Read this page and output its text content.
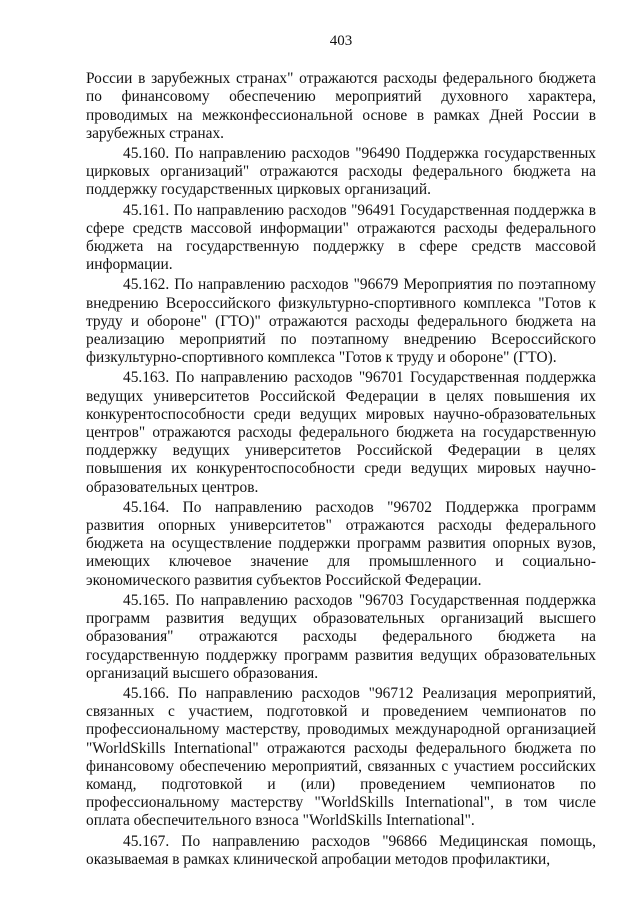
403

России в зарубежных странах" отражаются расходы федерального бюджета по финансовому обеспечению мероприятий духовного характера, проводимых на межконфессиональной основе в рамках Дней России в зарубежных странах.

45.160. По направлению расходов "96490 Поддержка государственных цирковых организаций" отражаются расходы федерального бюджета на поддержку государственных цирковых организаций.

45.161. По направлению расходов "96491 Государственная поддержка в сфере средств массовой информации" отражаются расходы федерального бюджета на государственную поддержку в сфере средств массовой информации.

45.162. По направлению расходов "96679 Мероприятия по поэтапному внедрению Всероссийского физкультурно-спортивного комплекса "Готов к труду и обороне" (ГТО)" отражаются расходы федерального бюджета на реализацию мероприятий по поэтапному внедрению Всероссийского физкультурно-спортивного комплекса "Готов к труду и обороне" (ГТО).

45.163. По направлению расходов "96701 Государственная поддержка ведущих университетов Российской Федерации в целях повышения их конкурентоспособности среди ведущих мировых научно-образовательных центров" отражаются расходы федерального бюджета на государственную поддержку ведущих университетов Российской Федерации в целях повышения их конкурентоспособности среди ведущих мировых научно-образовательных центров.

45.164. По направлению расходов "96702 Поддержка программ развития опорных университетов" отражаются расходы федерального бюджета на осуществление поддержки программ развития опорных вузов, имеющих ключевое значение для промышленного и социально-экономического развития субъектов Российской Федерации.

45.165. По направлению расходов "96703 Государственная поддержка программ развития ведущих образовательных организаций высшего образования" отражаются расходы федерального бюджета на государственную поддержку программ развития ведущих образовательных организаций высшего образования.

45.166. По направлению расходов "96712 Реализация мероприятий, связанных с участием, подготовкой и проведением чемпионатов по профессиональному мастерству, проводимых международной организацией "WorldSkills International" отражаются расходы федерального бюджета по финансовому обеспечению мероприятий, связанных с участием российских команд, подготовкой и (или) проведением чемпионатов по профессиональному мастерству "WorldSkills International", в том числе оплата обеспечительного взноса "WorldSkills International".

45.167. По направлению расходов "96866 Медицинская помощь, оказываемая в рамках клинической апробации методов профилактики,
